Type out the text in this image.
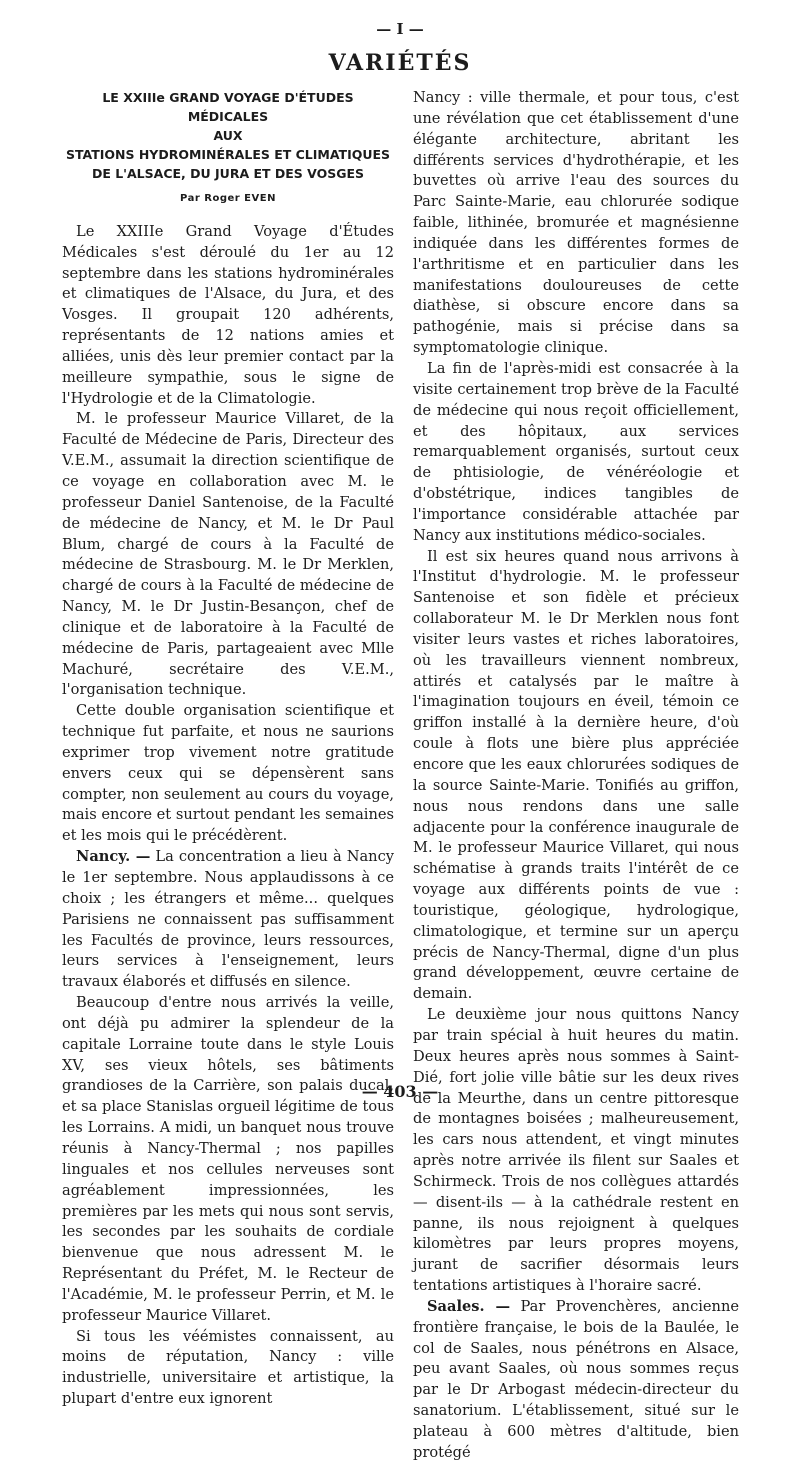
— I —
VARIÉTÉS
LE XXIIIe GRAND VOYAGE D'ÉTUDES MÉDICALES
AUX
STATIONS HYDROMINÉRALES ET CLIMATIQUES
DE L'ALSACE, DU JURA ET DES VOSGES
Par Roger EVEN

Le XXIIIe Grand Voyage d'Études Médicales s'est déroulé du 1er au 12 septembre dans les stations hydrominérales et climatiques de l'Alsace, du Jura, et des Vosges. Il groupait 120 adhérents, représentants de 12 nations amies et alliées, unis dès leur premier contact par la meilleure sympathie, sous le signe de l'Hydrologie et de la Climatologie.

M. le professeur Maurice Villaret, de la Faculté de Médecine de Paris, Directeur des V.E.M., assumait la direction scientifique de ce voyage en collaboration avec M. le professeur Daniel Santenoise, de la Faculté de médecine de Nancy, et M. le Dr Paul Blum, chargé de cours à la Faculté de médecine de Strasbourg. M. le Dr Merklen, chargé de cours à la Faculté de médecine de Nancy, M. le Dr Justin-Besançon, chef de clinique et de laboratoire à la Faculté de médecine de Paris, partageaient avec Mlle Machuré, secrétaire des V.E.M., l'organisation technique.

Cette double organisation scientifique et technique fut parfaite, et nous ne saurions exprimer trop vivement notre gratitude envers ceux qui se dépensèrent sans compter, non seulement au cours du voyage, mais encore et surtout pendant les semaines et les mois qui le précédèrent.

Nancy. — La concentration a lieu à Nancy le 1er septembre. Nous applaudissons à ce choix ; les étrangers et même... quelques Parisiens ne connaissent pas suffisamment les Facultés de province, leurs ressources, leurs services à l'enseignement, leurs travaux élaborés et diffusés en silence.

Beaucoup d'entre nous arrivés la veille, ont déjà pu admirer la splendeur de la capitale Lorraine toute dans le style Louis XV, ses vieux hôtels, ses bâtiments grandioses de la Carrière, son palais ducal, et sa place Stanislas orgueil légitime de tous les Lorrains. A midi, un banquet nous trouve réunis à Nancy-Thermal ; nos papilles linguales et nos cellules nerveuses sont agréablement impressionnées, les premières par les mets qui nous sont servis, les secondes par les souhaits de cordiale bienvenue que nous adressent M. le Représentant du Préfet, M. le Recteur de l'Académie, M. le professeur Perrin, et M. le professeur Maurice Villaret.

Si tous les véémistes connaissent, au moins de réputation, Nancy : ville industrielle, universitaire et artistique, la plupart d'entre eux ignorent

Nancy : ville thermale, et pour tous, c'est une révélation que cet établissement d'une élégante architecture, abritant les différents services d'hydrothérapie, et les buvettes où arrive l'eau des sources du Parc Sainte-Marie, eau chlorurée sodique faible, lithinée, bromurée et magnésienne indiquée dans les différentes formes de l'arthritisme et en particulier dans les manifestations douloureuses de cette diathèse, si obscure encore dans sa pathogénie, mais si précise dans sa symptomatologie clinique.

La fin de l'après-midi est consacrée à la visite certainement trop brève de la Faculté de médecine qui nous reçoit officiellement, et des hôpitaux, aux services remarquablement organisés, surtout ceux de phtisiologie, de vénéréologie et d'obstétrique, indices tangibles de l'importance considérable attachée par Nancy aux institutions médico-sociales.

Il est six heures quand nous arrivons à l'Institut d'hydrologie. M. le professeur Santenoise et son fidèle et précieux collaborateur M. le Dr Merklen nous font visiter leurs vastes et riches laboratoires, où les travailleurs viennent nombreux, attirés et catalysés par le maître à l'imagination toujours en éveil, témoin ce griffon installé à la dernière heure, d'où coule à flots une bière plus appréciée encore que les eaux chlorurées sodiques de la source Sainte-Marie. Tonifiés au griffon, nous nous rendons dans une salle adjacente pour la conférence inaugurale de M. le professeur Maurice Villaret, qui nous schématise à grands traits l'intérêt de ce voyage aux différents points de vue : touristique, géologique, hydrologique, climatologique, et termine sur un aperçu précis de Nancy-Thermal, digne d'un plus grand développement, œuvre certaine de demain.

Le deuxième jour nous quittons Nancy par train spécial à huit heures du matin. Deux heures après nous sommes à Saint-Dié, fort jolie ville bâtie sur les deux rives de la Meurthe, dans un centre pittoresque de montagnes boisées ; malheureusement, les cars nous attendent, et vingt minutes après notre arrivée ils filent sur Saales et Schirmeck. Trois de nos collègues attardés — disent-ils — à la cathédrale restent en panne, ils nous rejoignent à quelques kilomètres par leurs propres moyens, jurant de sacrifier désormais leurs tentations artistiques à l'horaire sacré.

Saales. — Par Provenchères, ancienne frontière française, le bois de la Baulée, le col de Saales, nous pénétrons en Alsace, peu avant Saales, où nous sommes reçus par le Dr Arbogast médecin-directeur du sanatorium. L'établissement, situé sur le plateau à 600 mètres d'altitude, bien protégé

— 403 —
